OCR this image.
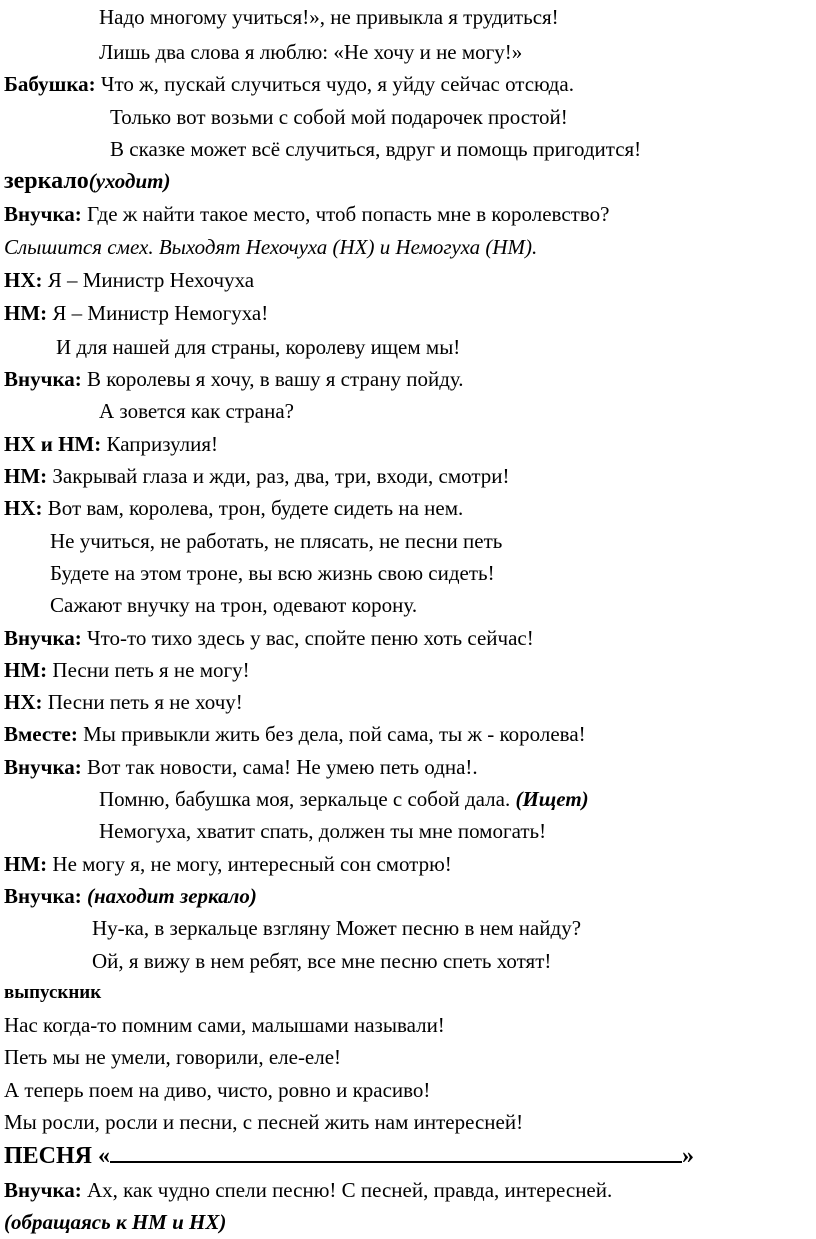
Надо многому учиться!», не привыкла я трудиться!

Лишь два слова я люблю: «Не хочу и не могу!»

Бабушка: Что ж, пускай случиться чудо, я уйду сейчас отсюда.

Только вот возьми с собой мой подарочек простой!

В сказке может всё случиться, вдруг и помощь пригодится!

зеркало(уходит)

Внучка: Где ж найти такое место, чтоб попасть мне в королевство?

Слышится смех. Выходят Нехочуха (НХ) и Немогуха (НМ).

НХ: Я – Министр Нехочуха

НМ: Я – Министр Немогуха!

И для нашей для страны, королеву ищем мы!

Внучка: В королевы я хочу, в вашу я страну пойду.

А зовется как страна?

НХ и НМ: Капризулия!

НМ: Закрывай глаза и жди, раз, два, три, входи, смотри!

НХ: Вот вам, королева, трон, будете сидеть на нем.

Не учиться, не работать, не плясать, не песни петь

Будете на этом троне, вы всю жизнь свою сидеть!

Сажают внучку на трон, одевают корону.

Внучка: Что-то тихо здесь у вас, спойте пеню хоть сейчас!

НМ: Песни петь я не могу!

НХ: Песни петь я не хочу!

Вместе: Мы привыкли жить без дела, пой сама, ты ж - королева!

Внучка: Вот так новости, сама! Не умею петь одна!.

Помню, бабушка моя, зеркальце с собой дала. (Ищет)

Немогуха, хватит спать, должен ты мне помогать!

НМ: Не могу я, не могу, интересный сон смотрю!

Внучка: (находит зеркало)

Ну-ка, в зеркальце взгляну Может песню в нем найду?

Ой, я вижу в нем ребят, все мне песню спеть хотят!

выпускник

Нас когда-то помним сами, малышами называли!

Петь мы не умели, говорили, еле-еле!

А теперь поем на диво, чисто, ровно и красиво!

Мы росли, росли и песни, с песней жить нам интересней!

ПЕСНЯ «	»

Внучка: Ах, как чудно спели песню! С песней, правда, интересней.

(обращаясь к НМ и НХ)
